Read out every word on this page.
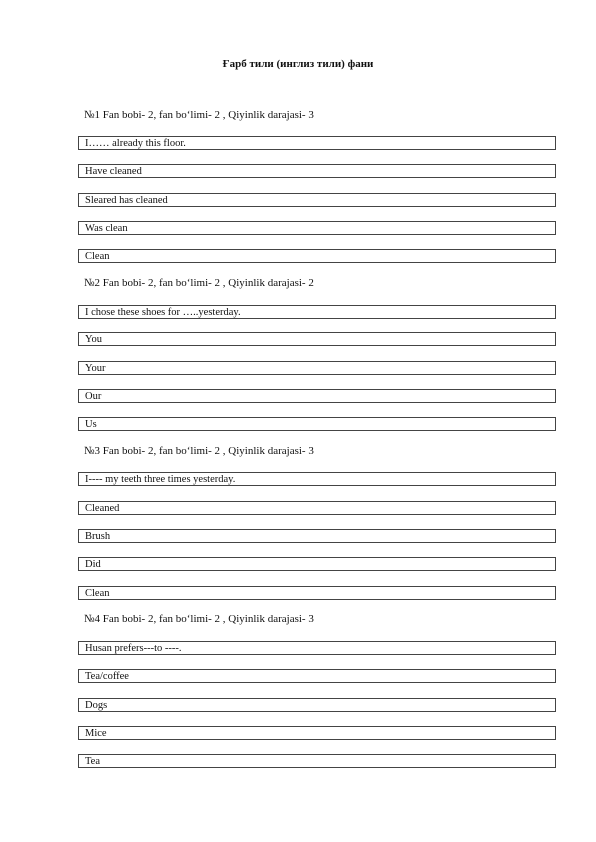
Ғарб тили (инглиз тили) фани
№1 Fan bobi- 2, fan bo‘limi- 2 , Qiyinlik darajasi- 3
I…… already this floor.
Have cleaned
Sleared has cleaned
Was clean
Clean
№2 Fan bobi- 2, fan bo‘limi- 2 , Qiyinlik darajasi- 2
I chose these shoes for …..yesterday.
You
Your
Our
Us
№3 Fan bobi- 2, fan bo‘limi- 2 , Qiyinlik darajasi- 3
I---- my teeth three times yesterday.
Cleaned
Brush
Did
Clean
№4 Fan bobi- 2, fan bo‘limi- 2 , Qiyinlik darajasi- 3
Husan prefers---to ----.
Tea/coffee
Dogs
Mice
Tea
